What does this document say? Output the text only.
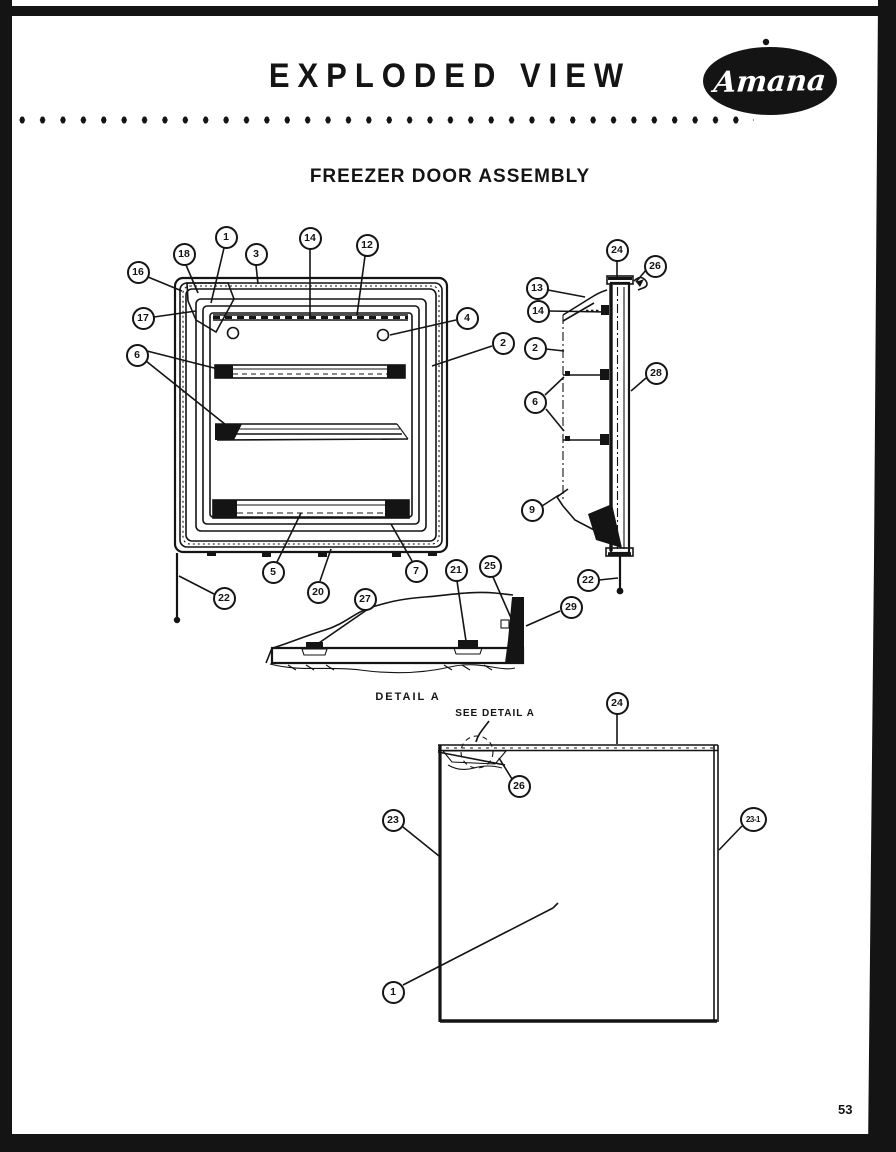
EXPLODED VIEW	Amana
FREEZER DOOR ASSEMBLY
DETAIL A
SEE DETAIL A
53
16
18
1
3
14
12
17	4
2
6
5
20
7
22
24
26
13
14
2
28
6
9
22
27
21	25
29
24
26
23	23-1
1
